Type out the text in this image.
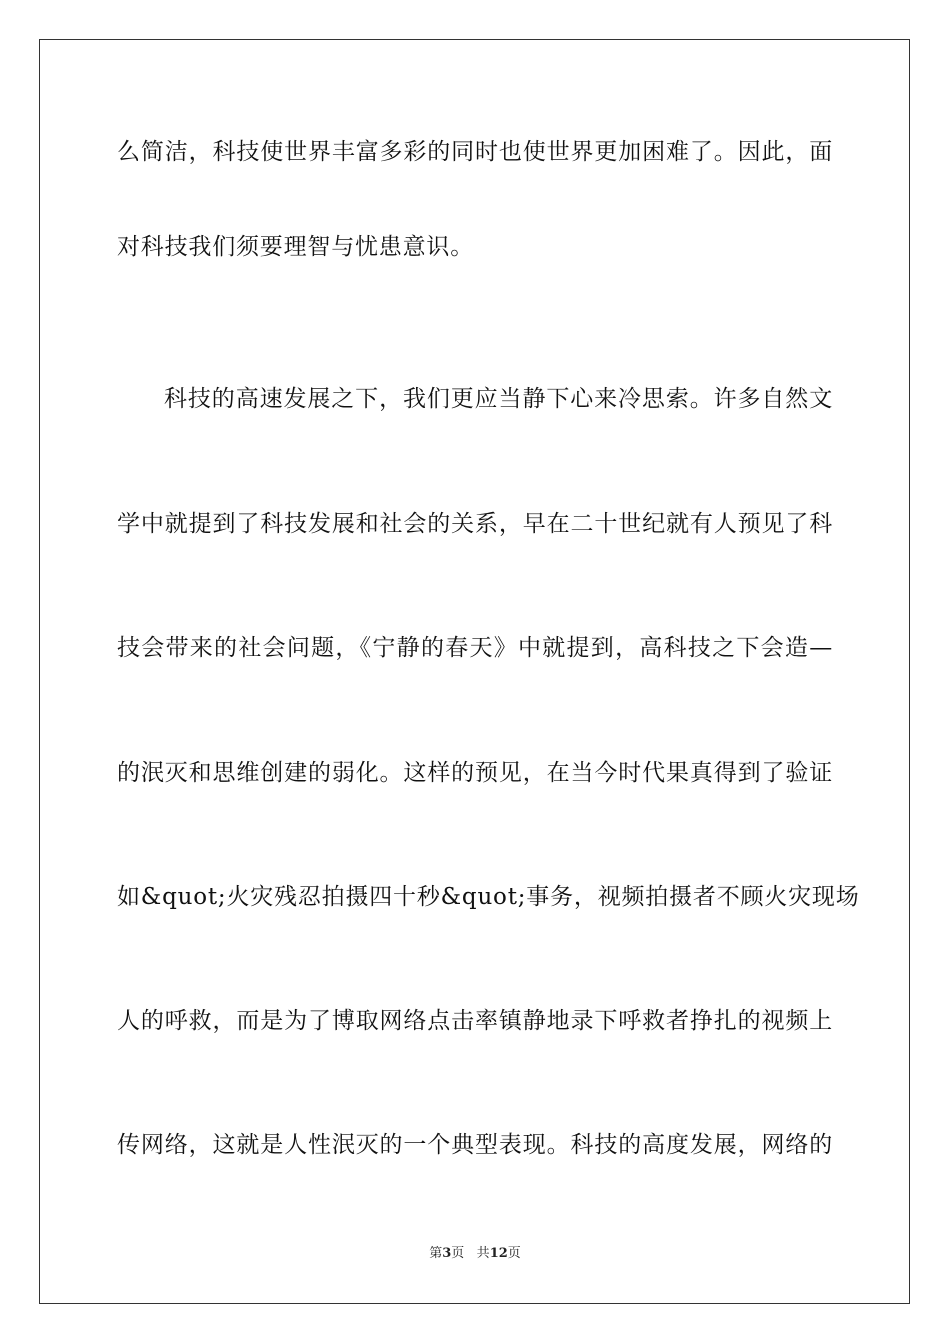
么简洁，科技使世界丰富多彩的同时也使世界更加困难了。因此，面
对科技我们须要理智与忧患意识。
科技的高速发展之下，我们更应当静下心来冷思索。许多自然文
学中就提到了科技发展和社会的关系，早在二十世纪就有人预见了科
技会带来的社会问题，《宁静的春天》中就提到，高科技之下会造—
的泯灭和思维创建的弱化。这样的预见，在当今时代果真得到了验证
如&quot;火灾残忍拍摄四十秒&quot;事务，视频拍摄者不顾火灾现场
人的呼救，而是为了博取网络点击率镇静地录下呼救者挣扎的视频上
传网络，这就是人性泯灭的一个典型表现。科技的高度发展，网络的
第3页 共12页
